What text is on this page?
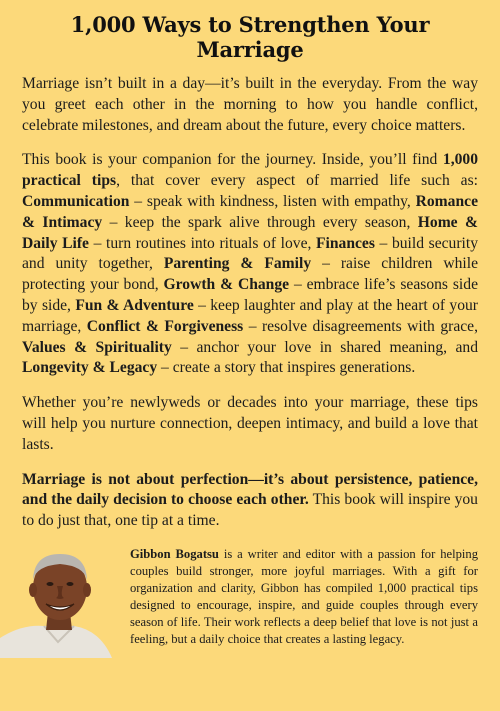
1,000 Ways to Strengthen Your Marriage

Marriage isn’t built in a day—it’s built in the everyday. From the way you greet each other in the morning to how you handle conflict, celebrate milestones, and dream about the future, every choice matters.

This book is your companion for the journey. Inside, you’ll find 1,000 practical tips, that cover every aspect of married life such as: Communication – speak with kindness, listen with empathy, Romance & Intimacy – keep the spark alive through every season, Home & Daily Life – turn routines into rituals of love, Finances – build security and unity together, Parenting & Family – raise children while protecting your bond, Growth & Change – embrace life’s seasons side by side, Fun & Adventure – keep laughter and play at the heart of your marriage, Conflict & Forgiveness – resolve disagreements with grace, Values & Spirituality – anchor your love in shared meaning, and Longevity & Legacy – create a story that inspires generations.

Whether you’re newlyweds or decades into your marriage, these tips will help you nurture connection, deepen intimacy, and build a love that lasts.

Marriage is not about perfection—it’s about persistence, patience, and the daily decision to choose each other. This book will inspire you to do just that, one tip at a time.

Gibbon Bogatsu is a writer and editor with a passion for helping couples build stronger, more joyful marriages. With a gift for organization and clarity, Gibbon has compiled 1,000 practical tips designed to encourage, inspire, and guide couples through every season of life. Their work reflects a deep belief that love is not just a feeling, but a daily choice that creates a lasting legacy.
